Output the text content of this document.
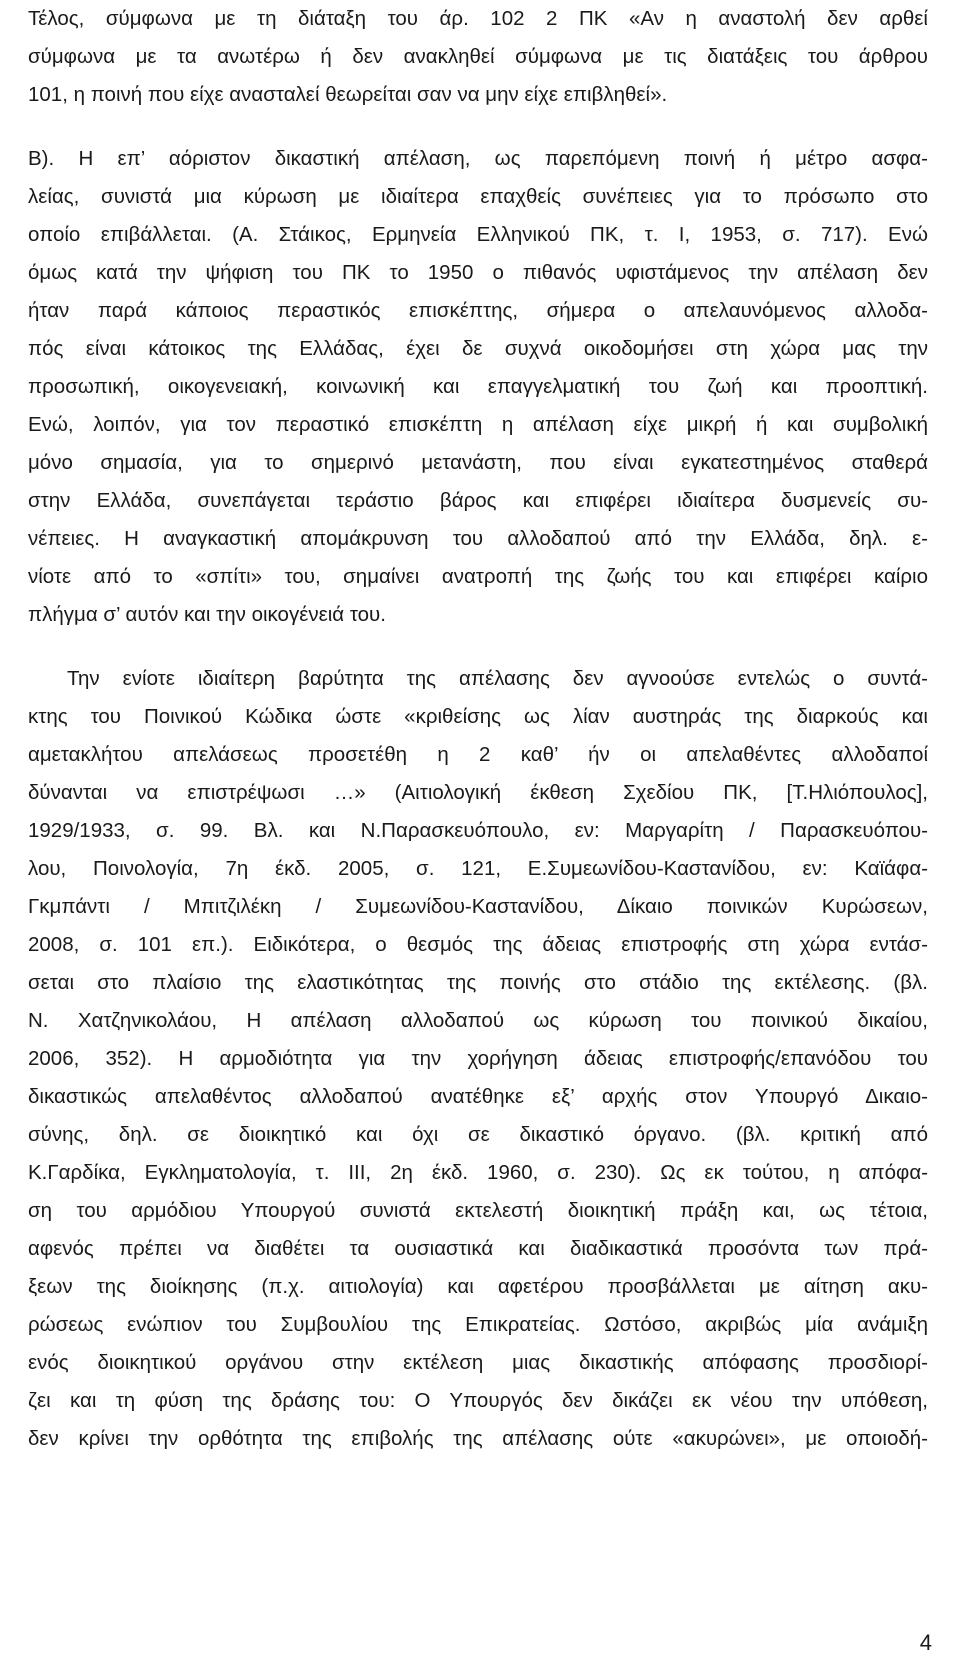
Τέλος, σύμφωνα με τη διάταξη του άρ. 102 2 ΠΚ «Αν η αναστολή δεν αρθεί
σύμφωνα με τα ανωτέρω ή δεν ανακληθεί σύμφωνα με τις διατάξεις του άρθρου
101, η ποινή που είχε ανασταλεί θεωρείται σαν να μην είχε επιβληθεί».
Β). Η επ’ αόριστον δικαστική απέλαση, ως παρεπόμενη ποινή ή μέτρο ασφα-
λείας, συνιστά μια κύρωση με ιδιαίτερα επαχθείς συνέπειες για το πρόσωπο στο
οποίο επιβάλλεται. (Α. Στάικος, Ερμηνεία Ελληνικού ΠΚ, τ. Ι, 1953, σ. 717). Ενώ
όμως κατά την ψήφιση του ΠΚ το 1950 ο πιθανός υφιστάμενος την απέλαση δεν
ήταν παρά κάποιος περαστικός επισκέπτης, σήμερα ο απελαυνόμενος αλλοδα-
πός είναι κάτοικος της Ελλάδας, έχει δε συχνά οικοδομήσει στη χώρα μας την
προσωπική, οικογενειακή, κοινωνική και επαγγελματική του ζωή και προοπτική.
Ενώ, λοιπόν, για τον περαστικό επισκέπτη η απέλαση είχε μικρή ή και συμβολική
μόνο σημασία, για το σημερινό μετανάστη, που είναι εγκατεστημένος σταθερά
στην Ελλάδα, συνεπάγεται τεράστιο βάρος και επιφέρει ιδιαίτερα δυσμενείς συ-
νέπειες. Η αναγκαστική απομάκρυνση του αλλοδαπού από την Ελλάδα, δηλ. ε-
νίοτε από το «σπίτι» του, σημαίνει ανατροπή της ζωής του και επιφέρει καίριο
πλήγμα σ’ αυτόν και την οικογένειά του.
Την ενίοτε ιδιαίτερη βαρύτητα της απέλασης δεν αγνοούσε εντελώς ο συντά-
κτης του Ποινικού Κώδικα ώστε «κριθείσης ως λίαν αυστηράς της διαρκούς και
αμετακλήτου απελάσεως προσετέθη η 2 καθ’ ήν οι απελαθέντες αλλοδαποί
δύνανται να επιστρέψωσι …» (Αιτιολογική έκθεση Σχεδίου ΠΚ, [Τ.Ηλιόπουλος],
1929/1933, σ. 99. Βλ. και Ν.Παρασκευόπουλο, εν: Μαργαρίτη / Παρασκευόπου-
λου, Ποινολογία, 7η έκδ. 2005, σ. 121, Ε.Συμεωνίδου-Καστανίδου, εν: Καϊάφα-
Γκμπάντι / Μπιτζιλέκη / Συμεωνίδου-Καστανίδου, Δίκαιο ποινικών Κυρώσεων,
2008, σ. 101 επ.). Ειδικότερα, ο θεσμός της άδειας επιστροφής στη χώρα εντάσ-
σεται στο πλαίσιο της ελαστικότητας της ποινής στο στάδιο της εκτέλεσης. (βλ.
Ν. Χατζηνικολάου, Η απέλαση αλλοδαπού ως κύρωση του ποινικού δικαίου,
2006, 352). Η αρμοδιότητα για την χορήγηση άδειας επιστροφής/επανόδου του
δικαστικώς απελαθέντος αλλοδαπού ανατέθηκε εξ’ αρχής στον Υπουργό Δικαιο-
σύνης, δηλ. σε διοικητικό και όχι σε δικαστικό όργανο. (βλ. κριτική από
Κ.Γαρδίκα, Εγκληματολογία, τ. ΙΙΙ, 2η έκδ. 1960, σ. 230). Ως εκ τούτου, η απόφα-
ση του αρμόδιου Υπουργού συνιστά εκτελεστή διοικητική πράξη και, ως τέτοια,
αφενός πρέπει να διαθέτει τα ουσιαστικά και διαδικαστικά προσόντα των πρά-
ξεων της διοίκησης (π.χ. αιτιολογία) και αφετέρου προσβάλλεται με αίτηση ακυ-
ρώσεως ενώπιον του Συμβουλίου της Επικρατείας. Ωστόσο, ακριβώς μία ανάμιξη
ενός διοικητικού οργάνου στην εκτέλεση μιας δικαστικής απόφασης προσδιορί-
ζει και τη φύση της δράσης του: Ο Υπουργός δεν δικάζει εκ νέου την υπόθεση,
δεν κρίνει την ορθότητα της επιβολής της απέλασης ούτε «ακυρώνει», με οποιοδή-
4
